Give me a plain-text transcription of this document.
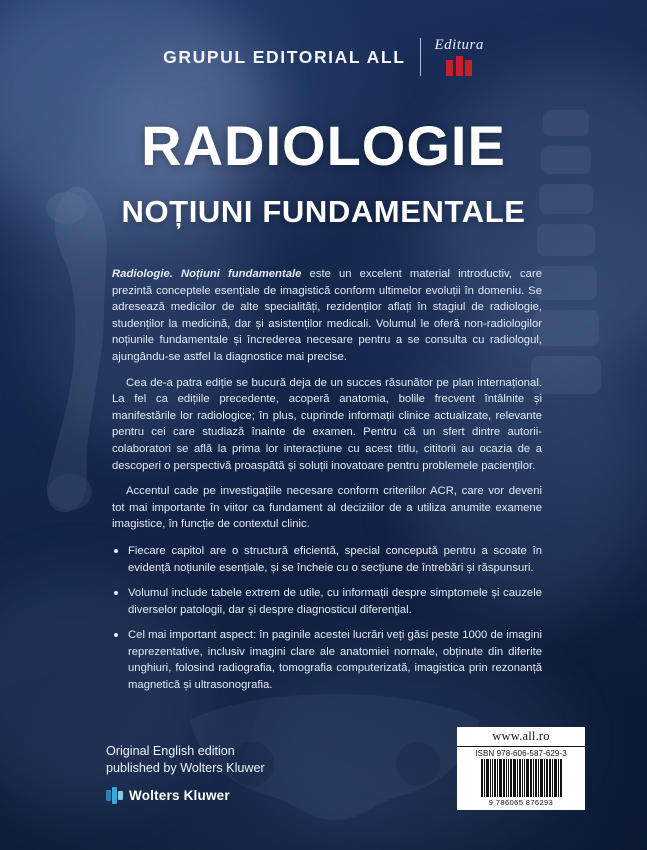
GRUPUL EDITORIAL ALL
Editura
RADIOLOGIE
NOȚIUNI FUNDAMENTALE

Radiologie. Noțiuni fundamentale este un excelent material introductiv, care prezintă conceptele esențiale de imagistică conform ultimelor evoluții în domeniu. Se adresează medicilor de alte specialități, rezidenților aflați în stagiul de radiologie, studenților la medicină, dar și asistenților medicali. Volumul le oferă non-radiologilor noțiunile fundamentale și încrederea necesare pentru a se consulta cu radiologul, ajungându-se astfel la diagnostice mai precise.

Cea de-a patra ediție se bucură deja de un succes răsunător pe plan internațional. La fel ca edițiile precedente, acoperă anatomia, bolile frecvent întâlnite și manifestările lor radiologice; în plus, cuprinde informații clinice actualizate, relevante pentru cei care studiază înainte de examen. Pentru că un sfert dintre autorii-colaboratori se află la prima lor interacțiune cu acest titlu, cititorii au ocazia de a descoperi o perspectivă proaspătă și soluții inovatoare pentru problemele pacienților.

Accentul cade pe investigațiile necesare conform criteriilor ACR, care vor deveni tot mai importante în viitor ca fundament al deciziilor de a utiliza anumite examene imagistice, în funcție de contextul clinic.

Fiecare capitol are o structură eficientă, special concepută pentru a scoate în evidență noțiunile esențiale, și se încheie cu o secțiune de întrebări și răspunsuri.
Volumul include tabele extrem de utile, cu informații despre simptomele și cauzele diverselor patologii, dar și despre diagnosticul diferenţial.
Cel mai important aspect: în paginile acestei lucrări veți găsi peste 1000 de imagini reprezentative, inclusiv imagini clare ale anatomiei normale, obținute din diferite unghiuri, folosind radiografia, tomografia computerizată, imagistica prin rezonanță magnetică și ultrasonografia.
Original English edition
published by Wolters Kluwer
Wolters Kluwer
www.all.ro
ISBN 978-606-587-629-3
9 786065 876293
